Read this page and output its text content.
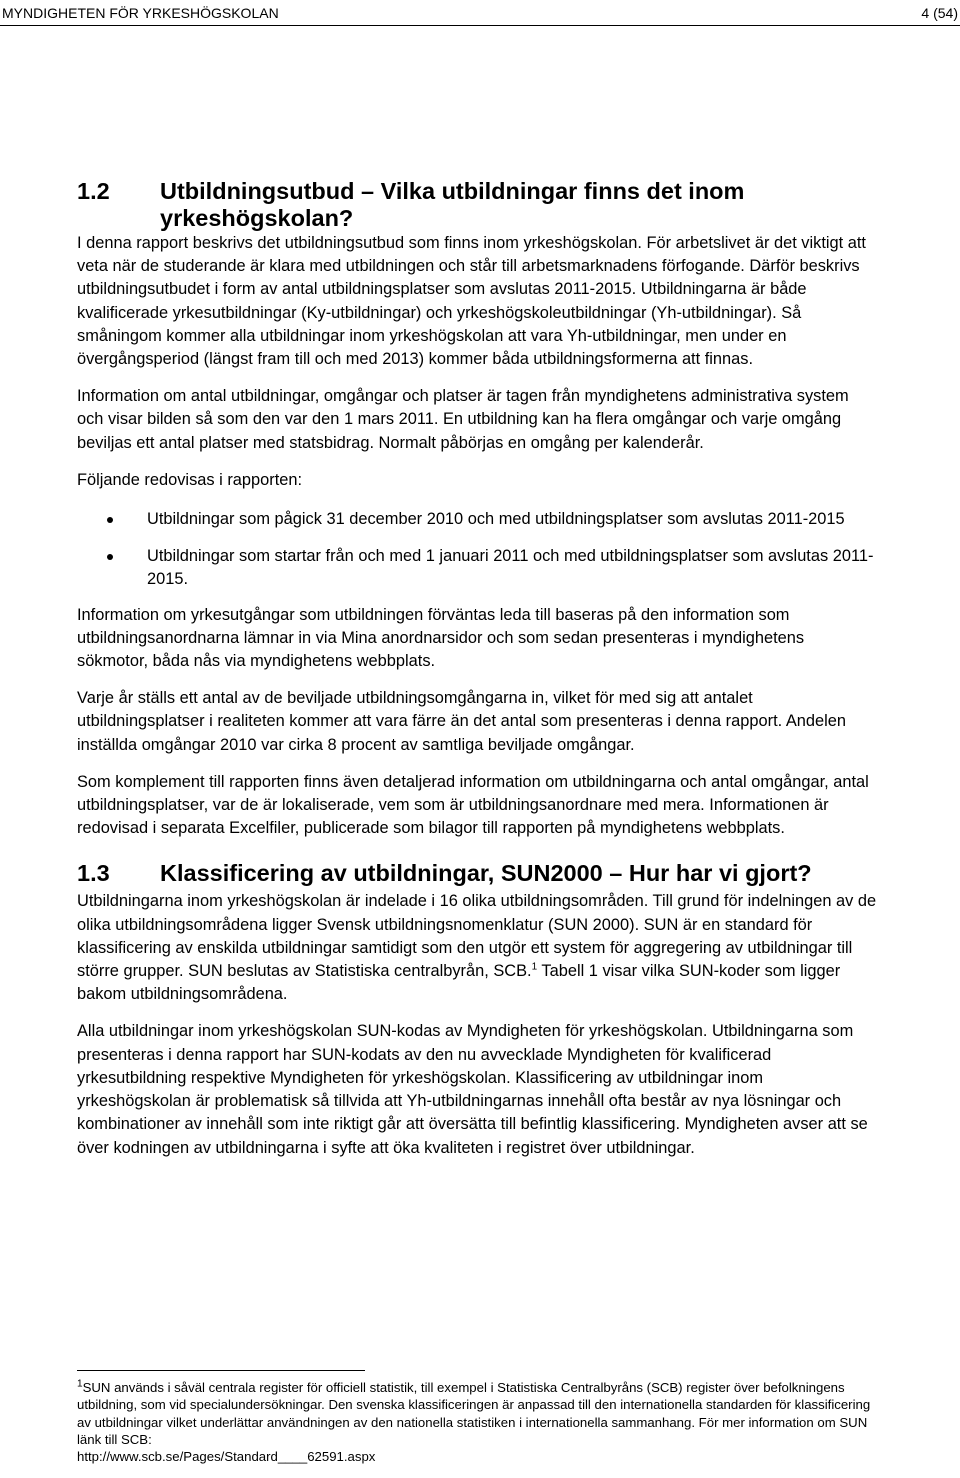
MYNDIGHETEN FÖR YRKESHÖGSKOLAN	4 (54)
1.2	Utbildningsutbud – Vilka utbildningar finns det inom yrkeshögskolan?

I denna rapport beskrivs det utbildningsutbud som finns inom yrkeshögskolan. För arbetslivet är det viktigt att veta när de studerande är klara med utbildningen och står till arbetsmarknadens förfogande. Därför beskrivs utbildningsutbudet i form av antal utbildningsplatser som avslutas 2011-2015. Utbildningarna är både kvalificerade yrkesutbildningar (Ky-utbildningar) och yrkeshögskoleutbildningar (Yh-utbildningar). Så småningom kommer alla utbildningar inom yrkeshögskolan att vara Yh-utbildningar, men under en övergångsperiod (längst fram till och med 2013) kommer båda utbildningsformerna att finnas.

Information om antal utbildningar, omgångar och platser är tagen från myndighetens administrativa system och visar bilden så som den var den 1 mars 2011. En utbildning kan ha flera omgångar och varje omgång beviljas ett antal platser med statsbidrag. Normalt påbörjas en omgång per kalenderår.

Följande redovisas i rapporten:

Utbildningar som pågick 31 december 2010 och med utbildningsplatser som avslutas 2011-2015
Utbildningar som startar från och med 1 januari 2011 och med utbildningsplatser som avslutas 2011-2015.

Information om yrkesutgångar som utbildningen förväntas leda till baseras på den information som utbildningsanordnarna lämnar in via Mina anordnarsidor och som sedan presenteras i myndighetens sökmotor, båda nås via myndighetens webbplats.

Varje år ställs ett antal av de beviljade utbildningsomgångarna in, vilket för med sig att antalet utbildningsplatser i realiteten kommer att vara färre än det antal som presenteras i denna rapport. Andelen inställda omgångar 2010 var cirka 8 procent av samtliga beviljade omgångar.

Som komplement till rapporten finns även detaljerad information om utbildningarna och antal omgångar, antal utbildningsplatser, var de är lokaliserade, vem som är utbildningsanordnare med mera. Informationen är redovisad i separata Excelfiler, publicerade som bilagor till rapporten på myndighetens webbplats.

1.3	Klassificering av utbildningar, SUN2000 – Hur har vi gjort?

Utbildningarna inom yrkeshögskolan är indelade i 16 olika utbildningsområden. Till grund för indelningen av de olika utbildningsområdena ligger Svensk utbildningsnomenklatur (SUN 2000). SUN är en standard för klassificering av enskilda utbildningar samtidigt som den utgör ett system för aggregering av utbildningar till större grupper. SUN beslutas av Statistiska centralbyrån, SCB.$^1$ Tabell 1 visar vilka SUN-koder som ligger bakom utbildningsområdena.

Alla utbildningar inom yrkeshögskolan SUN-kodas av Myndigheten för yrkeshögskolan. Utbildningarna som presenteras i denna rapport har SUN-kodats av den nu avvecklade Myndigheten för kvalificerad yrkesutbildning respektive Myndigheten för yrkeshögskolan. Klassificering av utbildningar inom yrkeshögskolan är problematisk så tillvida att Yh-utbildningarnas innehåll ofta består av nya lösningar och kombinationer av innehåll som inte riktigt går att översätta till befintlig klassificering. Myndigheten avser att se över kodningen av utbildningarna i syfte att öka kvaliteten i registret över utbildningar.

$^1$SUN används i såväl centrala register för officiell statistik, till exempel i Statistiska Centralbyråns (SCB) register över befolkningens utbildning, som vid specialundersökningar. Den svenska klassificeringen är anpassad till den internationella standarden för klassificering av utbildningar vilket underlättar användningen av den nationella statistiken i internationella sammanhang. För mer information om SUN länk till SCB:
http://www.scb.se/Pages/Standard____62591.aspx
